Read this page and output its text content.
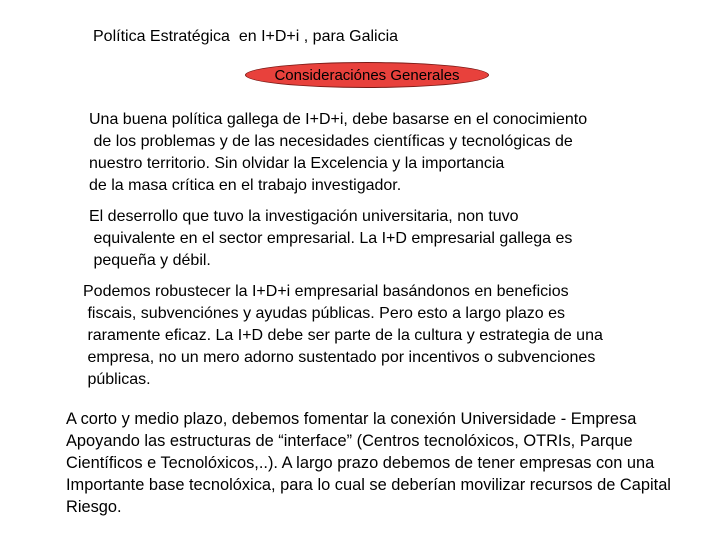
Política Estratégica  en I+D+i , para Galicia
Consideraciónes Generales
Una buena política gallega de I+D+i, debe basarse en el conocimiento
de los problemas y de las necesidades científicas y tecnológicas de
nuestro territorio. Sin olvidar la Excelencia y la importancia
de la masa crítica en el trabajo investigador.
El deserrollo que tuvo la investigación universitaria, non tuvo
equivalente en el sector empresarial. La I+D empresarial gallega es
pequeña y débil.
Podemos robustecer la I+D+i empresarial basándonos en beneficios
fiscais, subvenciónes y ayudas públicas. Pero esto a largo plazo es
raramente eficaz. La I+D debe ser parte de la cultura y estrategia de una
empresa, no un mero adorno sustentado por incentivos o subvenciones
públicas.
A corto y medio plazo, debemos fomentar la conexión Universidade - Empresa
Apoyando las estructuras de “interface” (Centros tecnolóxicos, OTRIs, Parque
Científicos e Tecnolóxicos,..). A largo prazo debemos de tener empresas con una
Importante base tecnolóxica, para lo cual se deberían movilizar recursos de Capital
Riesgo.
